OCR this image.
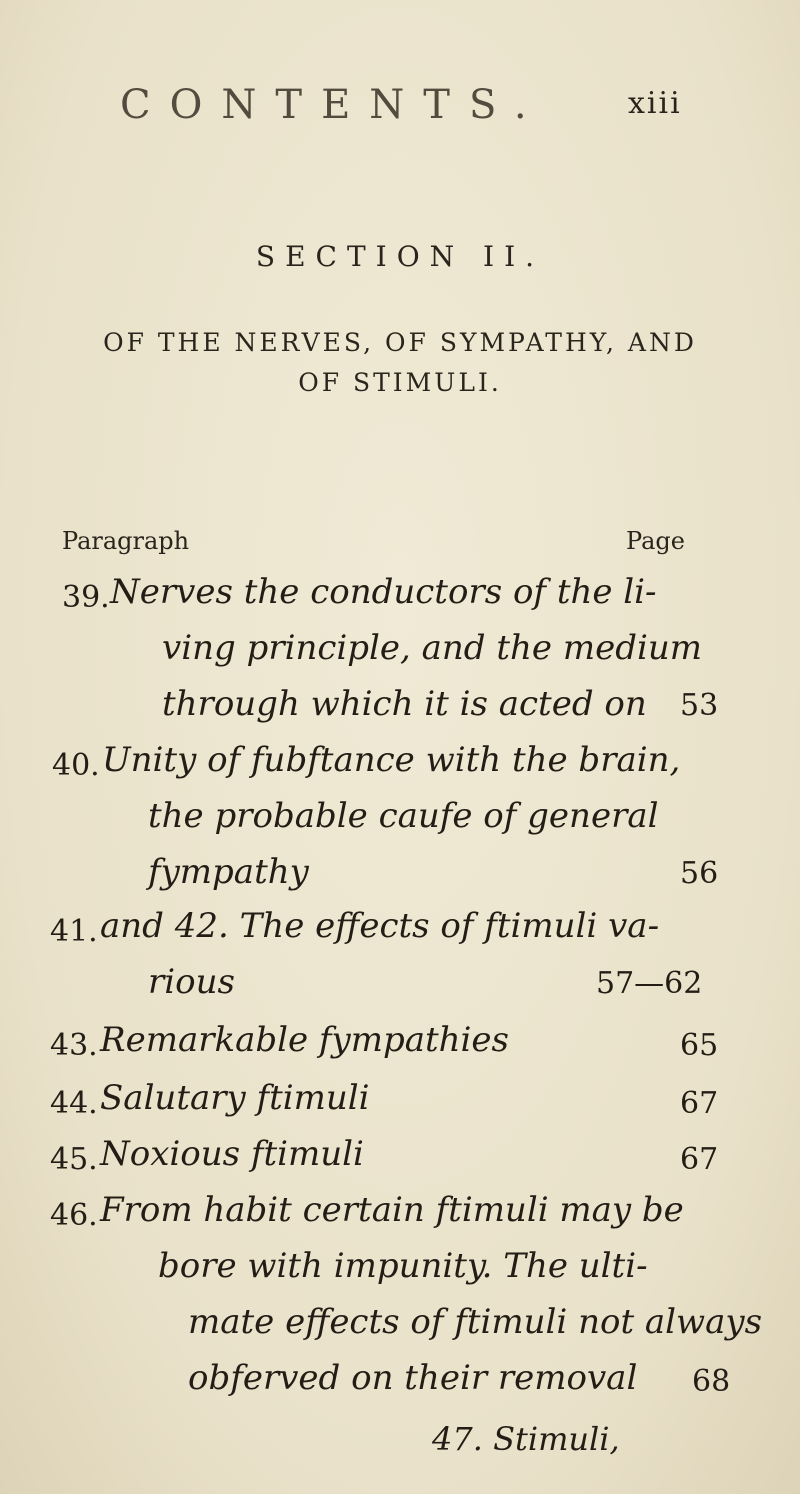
CONTENTS.	xiii
SECTION II.
OF THE NERVES, OF SYMPATHY, AND
OF STIMULI.
Paragraph	Page
39. Nerves the conductors of the li-
ving principle, and the medium
through which it is acted on 53
40. Unity of fubftance with the brain,
the probable caufe of general
fympathy	56
41. and 42. The effects of ftimuli va-
rious	57—62
43. Remarkable fympathies	65
44. Salutary ftimuli	67
45. Noxious ftimuli	67
46. From habit certain ftimuli may be
bore with impunity. The ulti-
mate effects of ftimuli not always
obferved on their removal 68
47. Stimuli,
